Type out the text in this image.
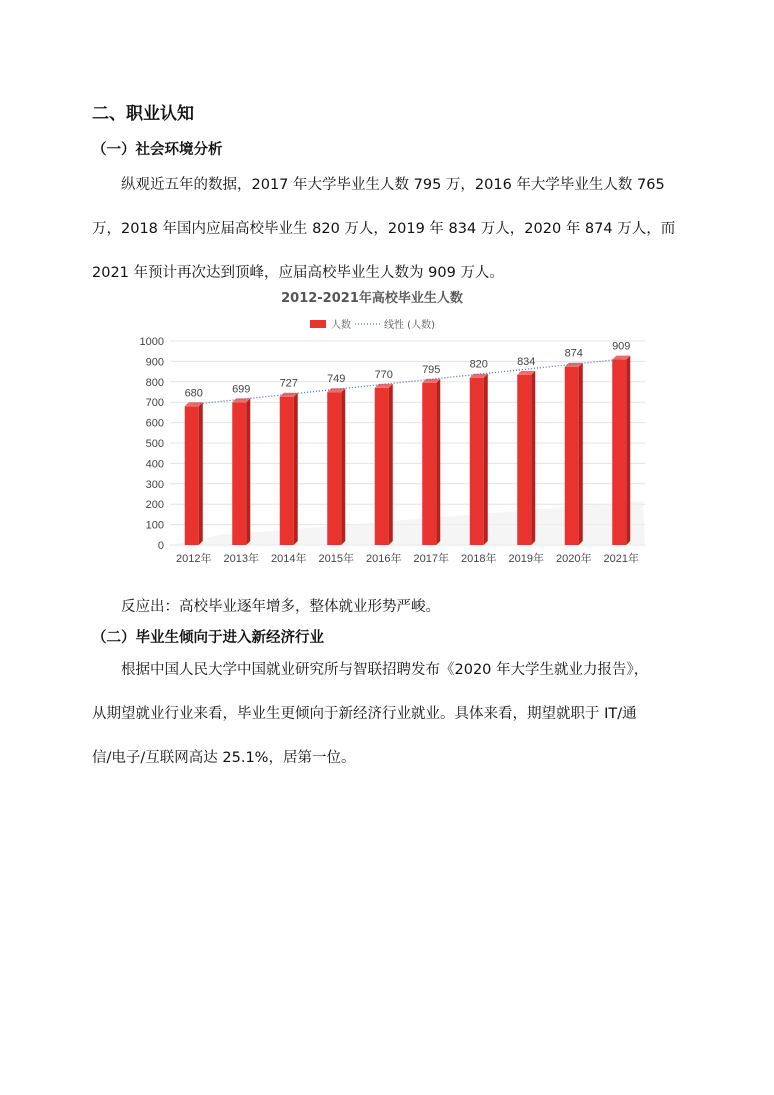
二、职业认知
（一）社会环境分析
纵观近五年的数据，2017 年大学毕业生人数 795 万，2016 年大学毕业生人数 765
万，2018 年国内应届高校毕业生 820 万人，2019 年 834 万人，2020 年 874 万人，而
2021 年预计再次达到顶峰，应届高校毕业生人数为 909 万人。
2012-2021年高校毕业生人数
人数	线性 (人数)
0
100
200
300
400
500
600
700
800
900
1000
680
2012年
699
2013年
727
2014年
749
2015年
770
2016年
795
2017年
820
2018年
834
2019年
874
2020年
909
2021年
反应出：高校毕业逐年增多，整体就业形势严峻。
（二）毕业生倾向于进入新经济行业
根据中国人民大学中国就业研究所与智联招聘发布《2020 年大学生就业力报告》，
从期望就业行业来看，毕业生更倾向于新经济行业就业。具体来看，期望就职于 IT/通
信/电子/互联网高达 25.1%，居第一位。
